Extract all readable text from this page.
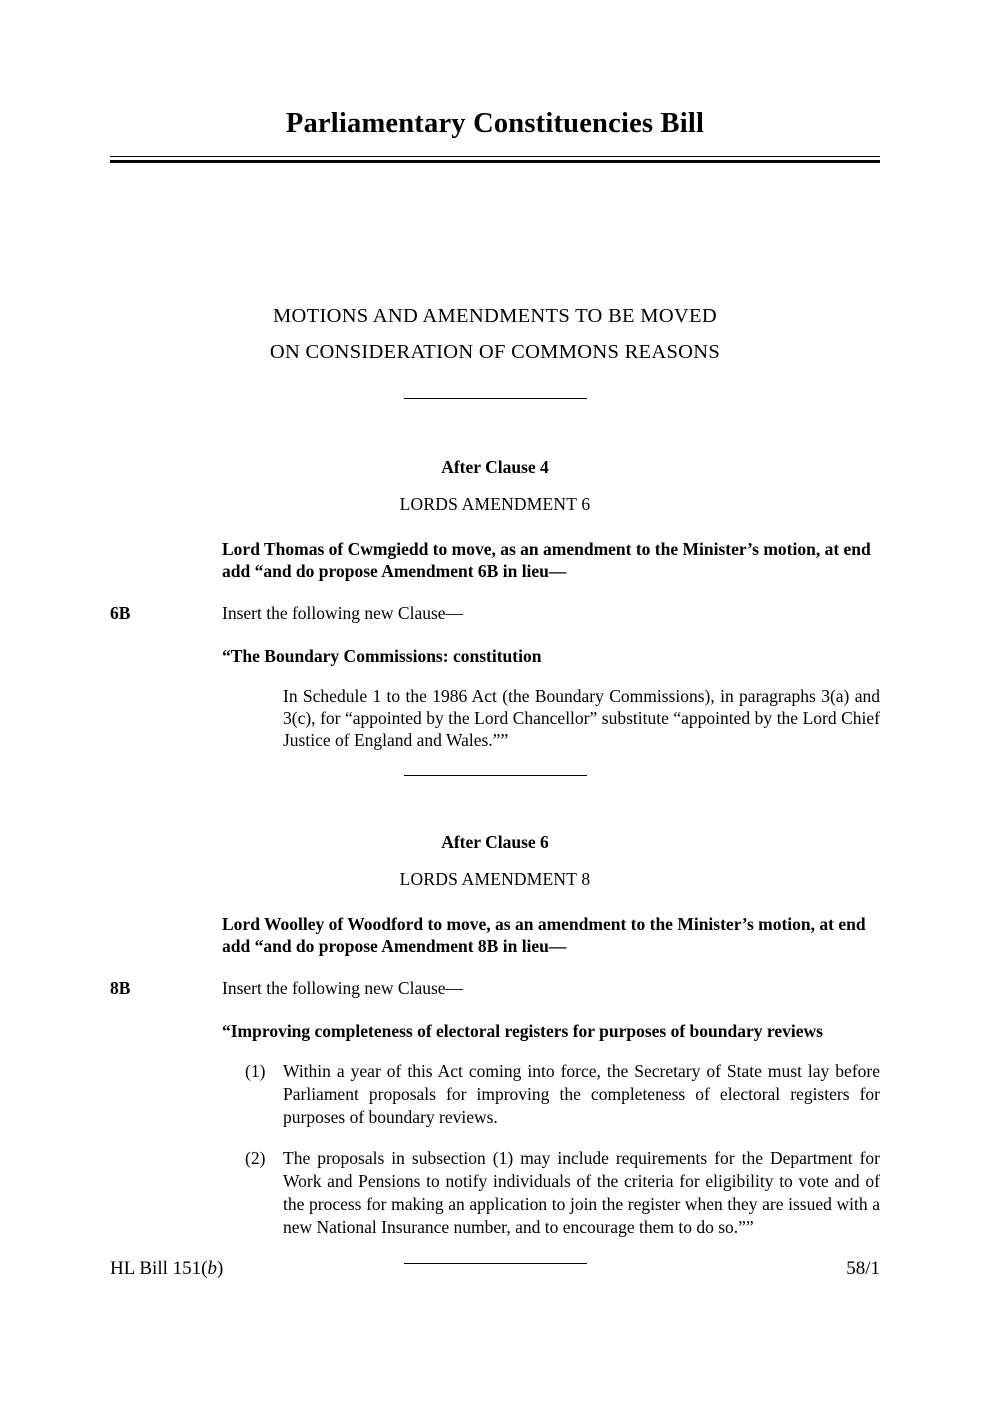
Parliamentary Constituencies Bill
MOTIONS AND AMENDMENTS TO BE MOVED
ON CONSIDERATION OF COMMONS REASONS
After Clause 4
LORDS AMENDMENT 6
Lord Thomas of Cwmgiedd to move, as an amendment to the Minister’s motion, at end add “and do propose Amendment 6B in lieu—
6B	Insert the following new Clause—
“The Boundary Commissions: constitution
In Schedule 1 to the 1986 Act (the Boundary Commissions), in paragraphs 3(a) and 3(c), for “appointed by the Lord Chancellor” substitute “appointed by the Lord Chief Justice of England and Wales.””
After Clause 6
LORDS AMENDMENT 8
Lord Woolley of Woodford to move, as an amendment to the Minister’s motion, at end add “and do propose Amendment 8B in lieu—
8B	Insert the following new Clause—
“Improving completeness of electoral registers for purposes of boundary reviews
(1)	Within a year of this Act coming into force, the Secretary of State must lay before Parliament proposals for improving the completeness of electoral registers for purposes of boundary reviews.
(2)	The proposals in subsection (1) may include requirements for the Department for Work and Pensions to notify individuals of the criteria for eligibility to vote and of the process for making an application to join the register when they are issued with a new National Insurance number, and to encourage them to do so.””
HL Bill 151(b)	58/1
